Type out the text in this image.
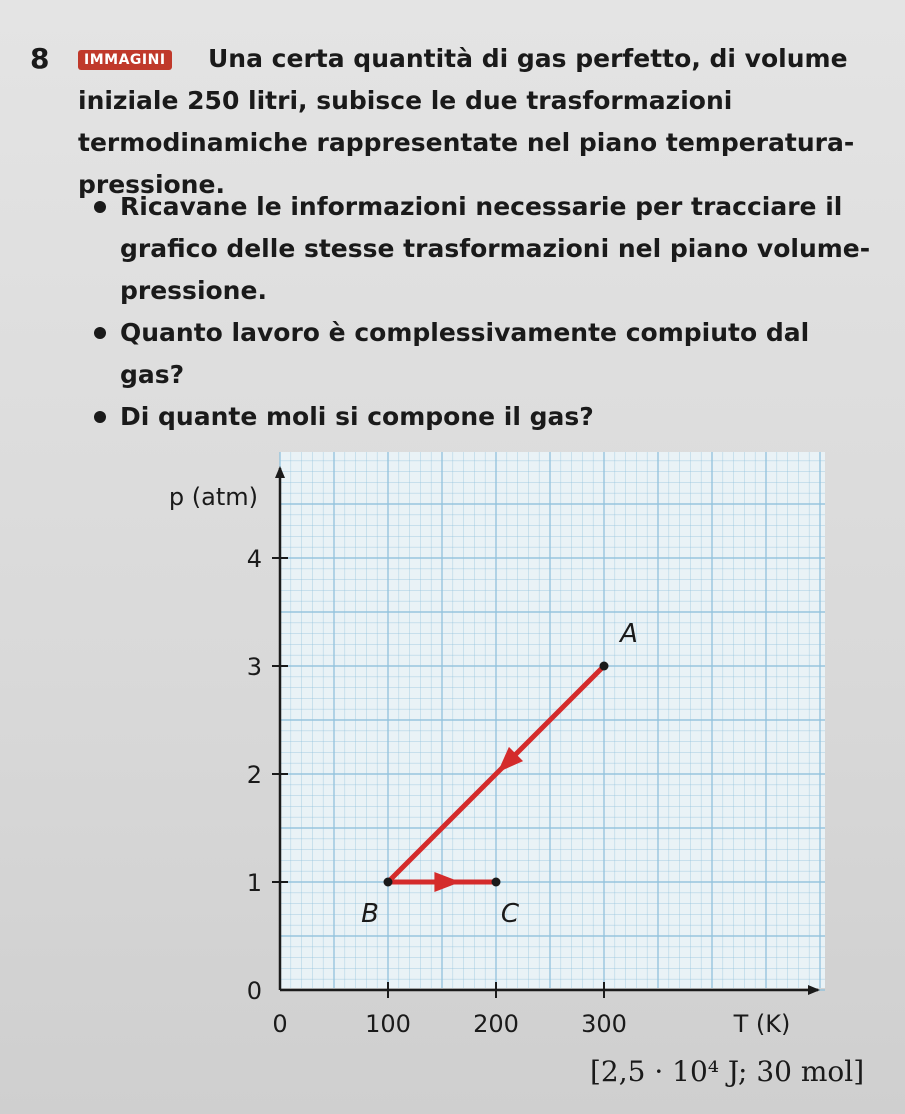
8	IMMAGINI	Una certa quantità di gas perfetto, di volume iniziale 250 litri, subisce le due trasformazioni termodinamiche rappresentate nel piano temperatura-pressione.
Ricavane le informazioni necessarie per tracciare il grafico delle stesse trasformazioni nel piano volume-pressione.
Quanto lavoro è complessivamente compiuto dal gas?
Di quante moli si compone il gas?
0
1
2
3
4
0	100	200	300
p (atm)
T (K)
A
B	C
[2,5 · 10⁴ J; 30 mol]
